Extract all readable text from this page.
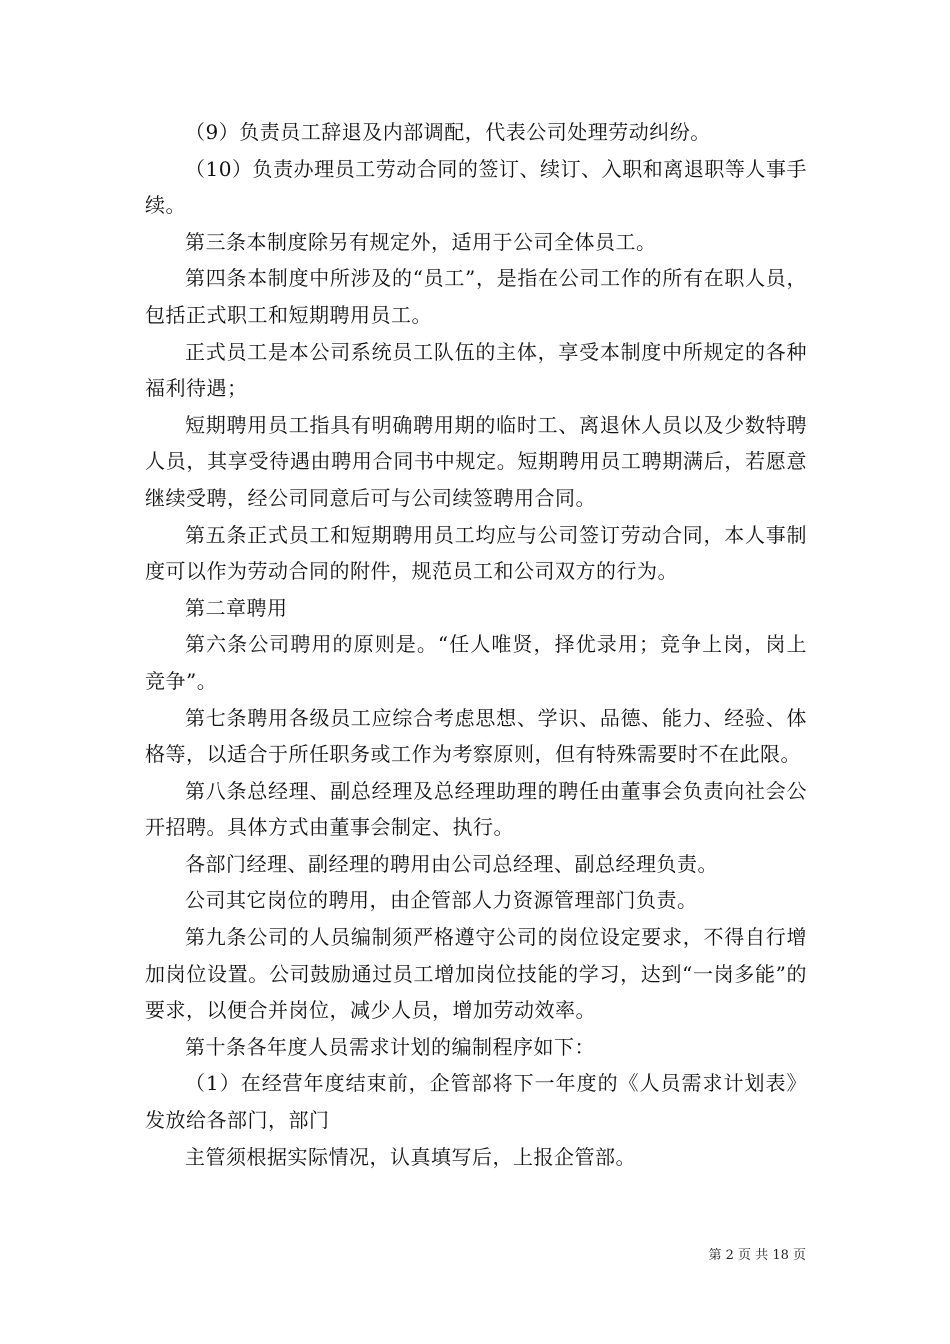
（9）负责员工辞退及内部调配，代表公司处理劳动纠纷。

（10）负责办理员工劳动合同的签订、续订、入职和离退职等人事手续。

第三条本制度除另有规定外，适用于公司全体员工。

第四条本制度中所涉及的“员工”，是指在公司工作的所有在职人员，包括正式职工和短期聘用员工。

正式员工是本公司系统员工队伍的主体，享受本制度中所规定的各种福利待遇；

短期聘用员工指具有明确聘用期的临时工、离退休人员以及少数特聘人员，其享受待遇由聘用合同书中规定。短期聘用员工聘期满后，若愿意继续受聘，经公司同意后可与公司续签聘用合同。

第五条正式员工和短期聘用员工均应与公司签订劳动合同，本人事制度可以作为劳动合同的附件，规范员工和公司双方的行为。

第二章聘用

第六条公司聘用的原则是。“任人唯贤，择优录用；竞争上岗，岗上竞争”。

第七条聘用各级员工应综合考虑思想、学识、品德、能力、经验、体格等，以适合于所任职务或工作为考察原则，但有特殊需要时不在此限。

第八条总经理、副总经理及总经理助理的聘任由董事会负责向社会公开招聘。具体方式由董事会制定、执行。

各部门经理、副经理的聘用由公司总经理、副总经理负责。

公司其它岗位的聘用，由企管部人力资源管理部门负责。

第九条公司的人员编制须严格遵守公司的岗位设定要求，不得自行增加岗位设置。公司鼓励通过员工增加岗位技能的学习，达到“一岗多能”的要求，以便合并岗位，减少人员，增加劳动效率。

第十条各年度人员需求计划的编制程序如下：

（1）在经营年度结束前，企管部将下一年度的《人员需求计划表》发放给各部门，部门

主管须根据实际情况，认真填写后，上报企管部。

第 2 页 共 18 页
